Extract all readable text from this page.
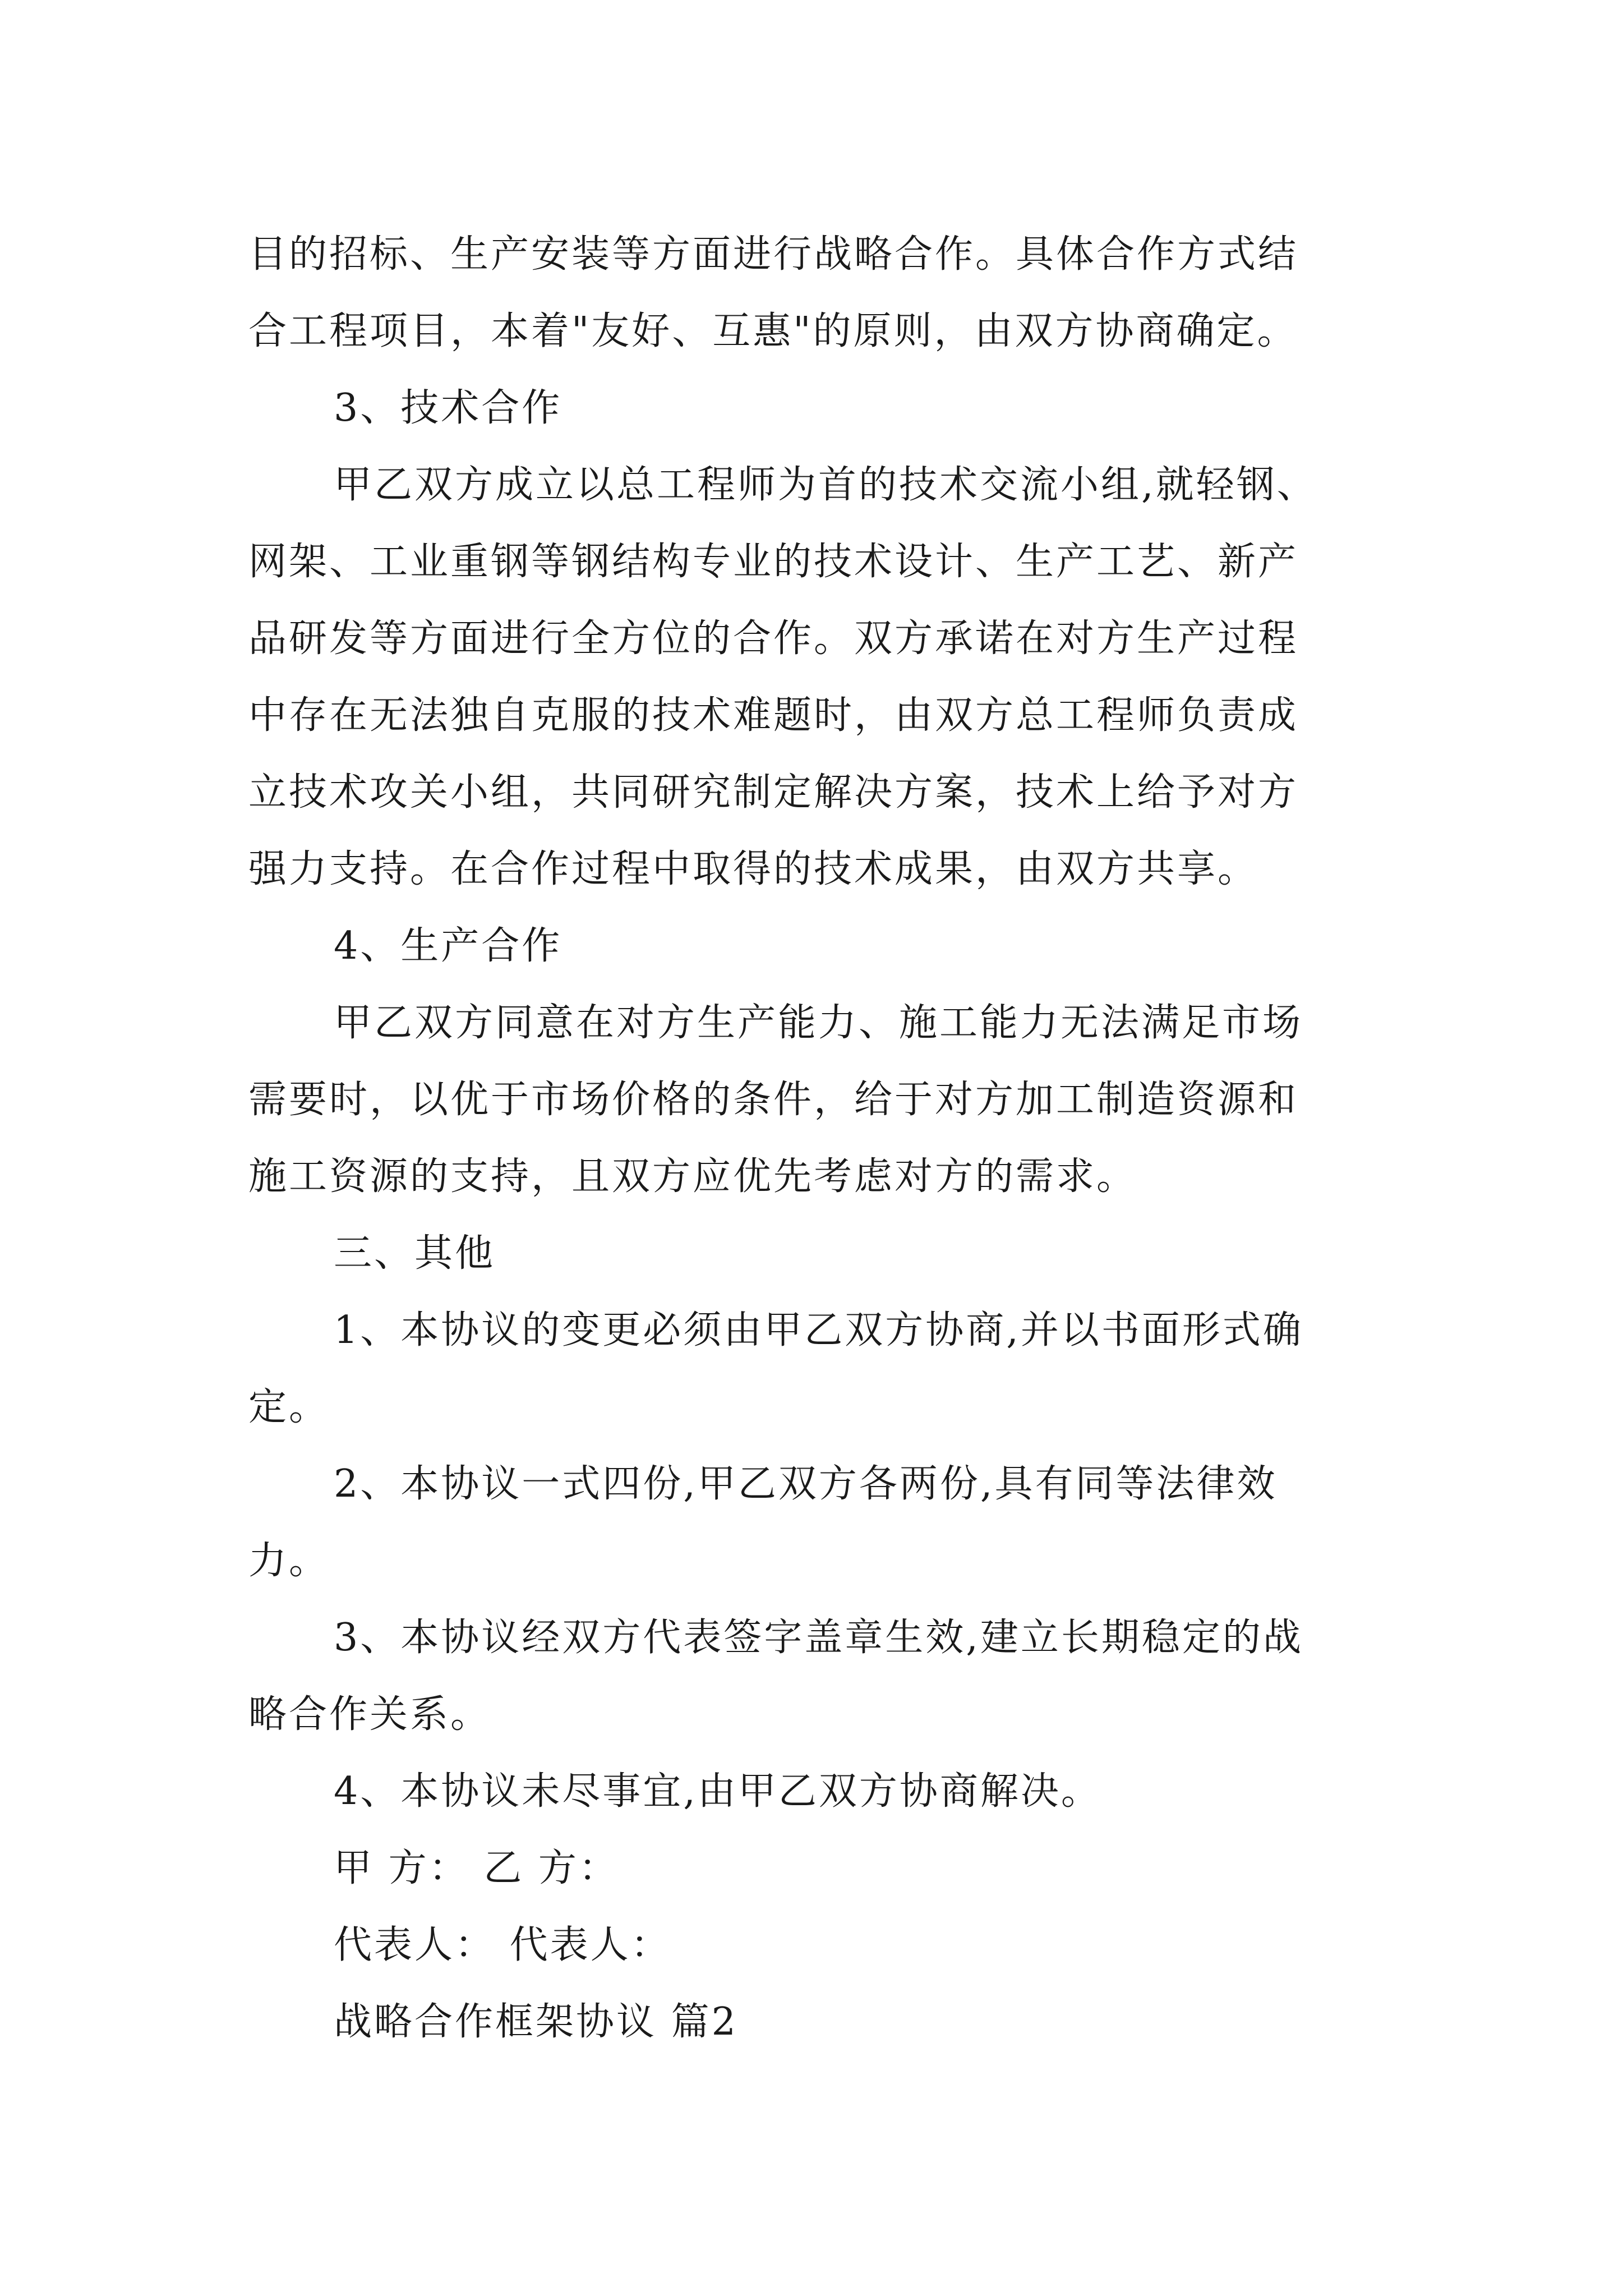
目的招标、生产安装等方面进行战略合作。具体合作方式结
合工程项目，本着"友好、互惠"的原则，由双方协商确定。
3、技术合作
甲乙双方成立以总工程师为首的技术交流小组,就轻钢、
网架、工业重钢等钢结构专业的技术设计、生产工艺、新产
品研发等方面进行全方位的合作。双方承诺在对方生产过程
中存在无法独自克服的技术难题时，由双方总工程师负责成
立技术攻关小组，共同研究制定解决方案，技术上给予对方
强力支持。在合作过程中取得的技术成果，由双方共享。
4、生产合作
甲乙双方同意在对方生产能力、施工能力无法满足市场
需要时，以优于市场价格的条件，给于对方加工制造资源和
施工资源的支持，且双方应优先考虑对方的需求。
三、其他
1、本协议的变更必须由甲乙双方协商,并以书面形式确
定。
2、本协议一式四份,甲乙双方各两份,具有同等法律效
力。
3、本协议经双方代表签字盖章生效,建立长期稳定的战
略合作关系。
4、本协议未尽事宜,由甲乙双方协商解决。
甲 方： 乙 方：
代表人： 代表人：
战略合作框架协议 篇2
